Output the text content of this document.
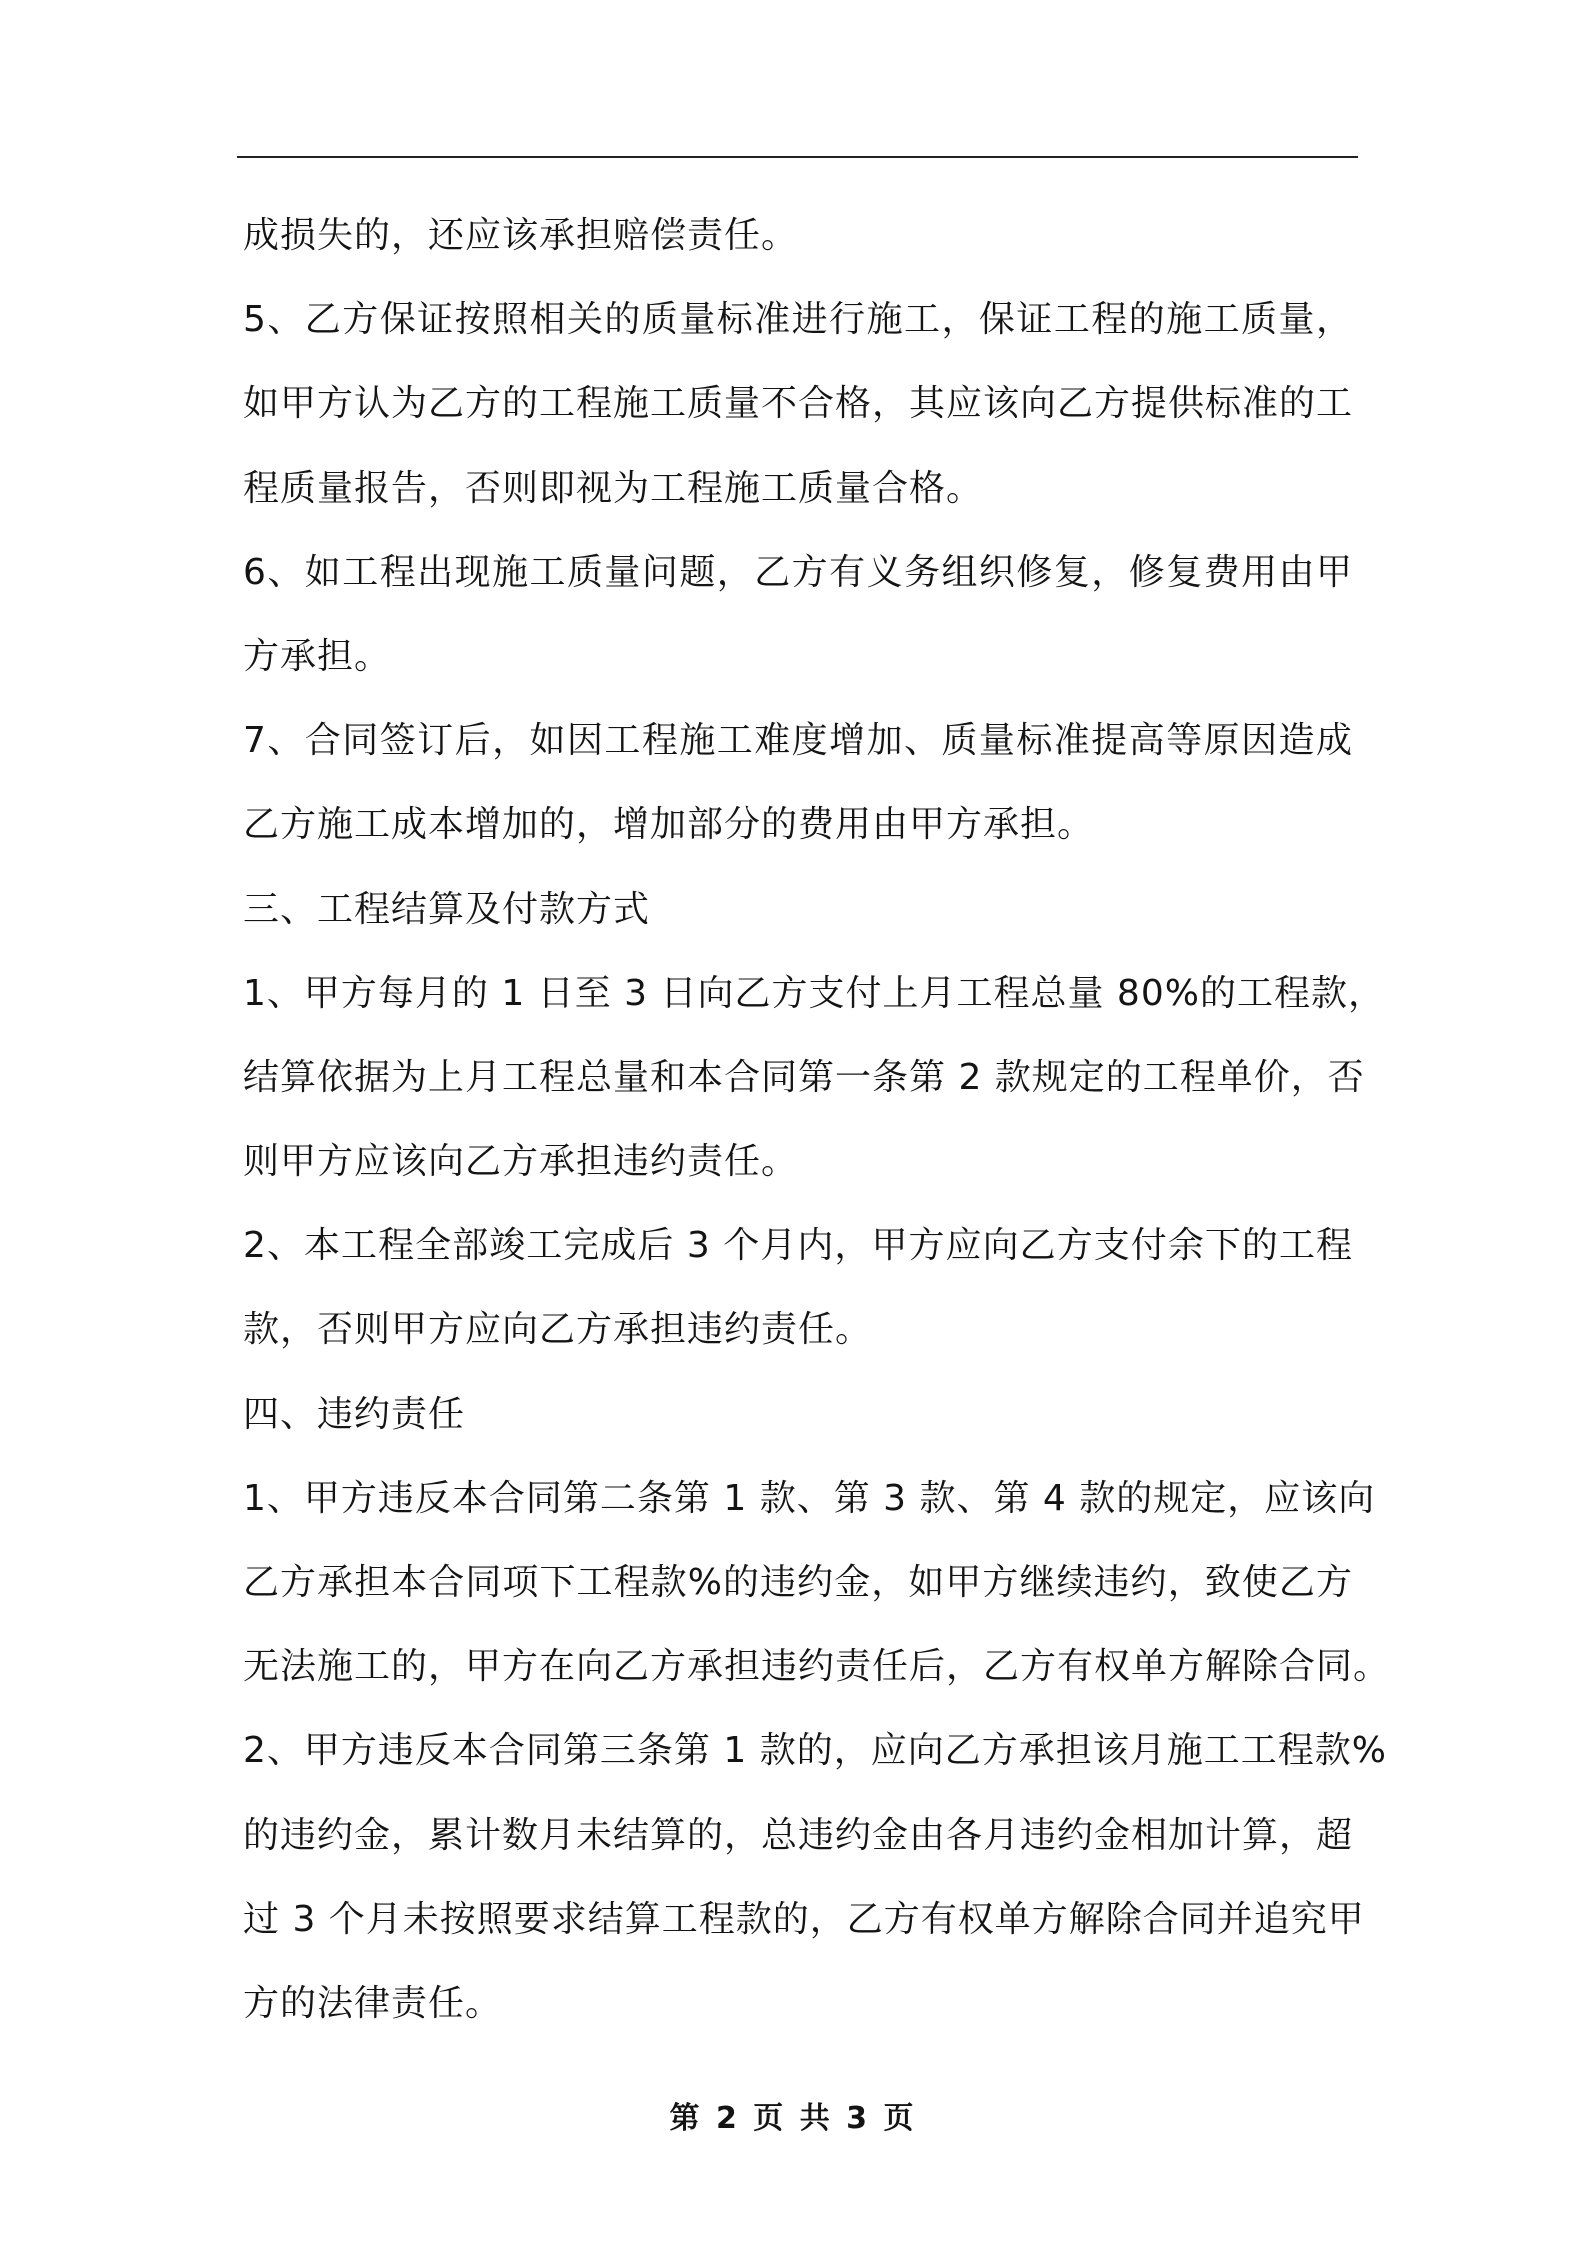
成损失的，还应该承担赔偿责任。
5、乙方保证按照相关的质量标准进行施工，保证工程的施工质量，
如甲方认为乙方的工程施工质量不合格，其应该向乙方提供标准的工
程质量报告，否则即视为工程施工质量合格。
6、如工程出现施工质量问题，乙方有义务组织修复，修复费用由甲
方承担。
7、合同签订后，如因工程施工难度增加、质量标准提高等原因造成
乙方施工成本增加的，增加部分的费用由甲方承担。
三、工程结算及付款方式
1、甲方每月的 1 日至 3 日向乙方支付上月工程总量 80%的工程款，
结算依据为上月工程总量和本合同第一条第 2 款规定的工程单价，否
则甲方应该向乙方承担违约责任。
2、本工程全部竣工完成后 3 个月内，甲方应向乙方支付余下的工程
款，否则甲方应向乙方承担违约责任。
四、违约责任
1、甲方违反本合同第二条第 1 款、第 3 款、第 4 款的规定，应该向
乙方承担本合同项下工程款%的违约金，如甲方继续违约，致使乙方
无法施工的，甲方在向乙方承担违约责任后，乙方有权单方解除合同。
2、甲方违反本合同第三条第 1 款的，应向乙方承担该月施工工程款%
的违约金，累计数月未结算的，总违约金由各月违约金相加计算，超
过 3 个月未按照要求结算工程款的，乙方有权单方解除合同并追究甲
方的法律责任。
第 2 页 共 3 页
